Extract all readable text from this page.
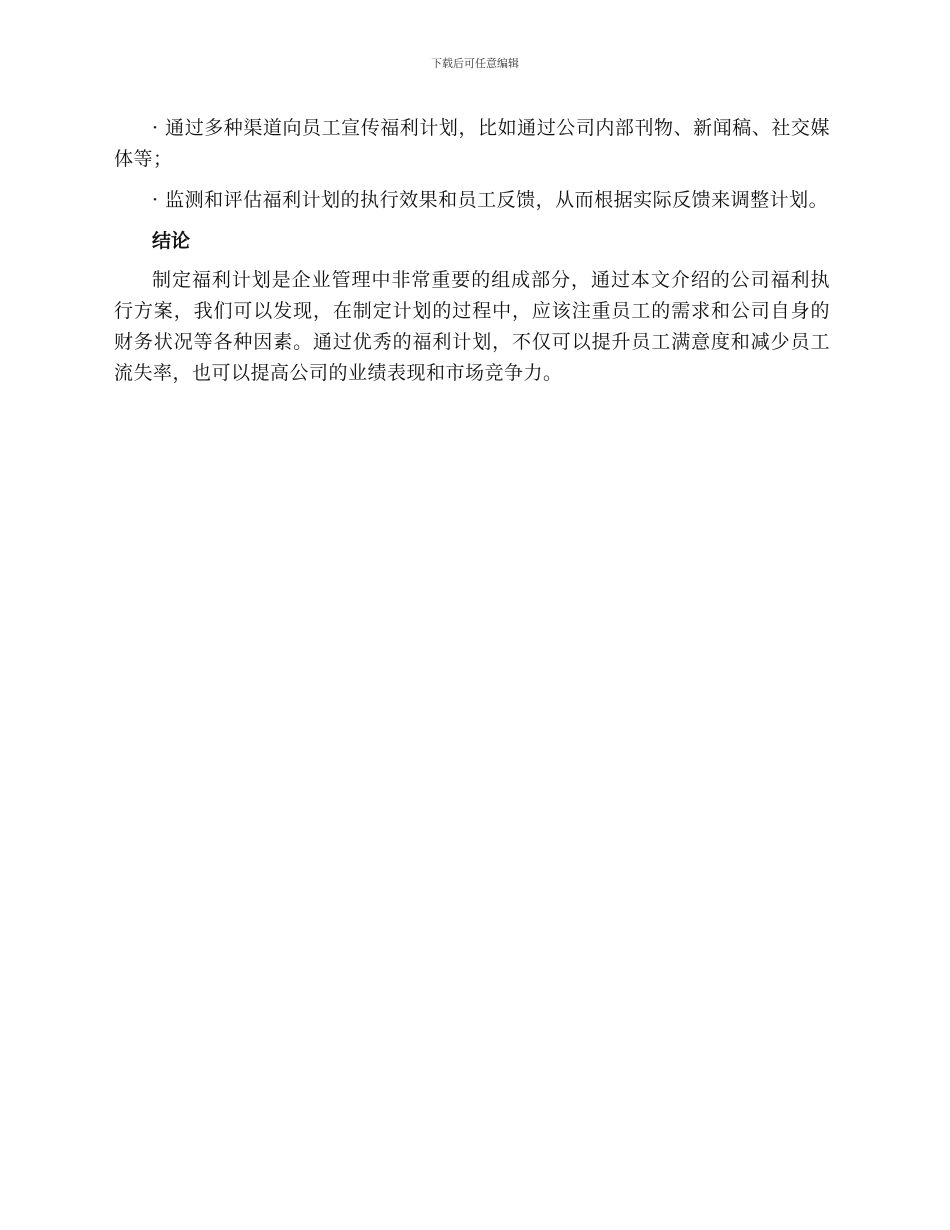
下载后可任意编辑

· 通过多种渠道向员工宣传福利计划，比如通过公司内部刊物、新闻稿、社交媒体等；

· 监测和评估福利计划的执行效果和员工反馈，从而根据实际反馈来调整计划。

结论

制定福利计划是企业管理中非常重要的组成部分，通过本文介绍的公司福利执行方案，我们可以发现，在制定计划的过程中，应该注重员工的需求和公司自身的财务状况等各种因素。通过优秀的福利计划，不仅可以提升员工满意度和减少员工流失率，也可以提高公司的业绩表现和市场竞争力。
